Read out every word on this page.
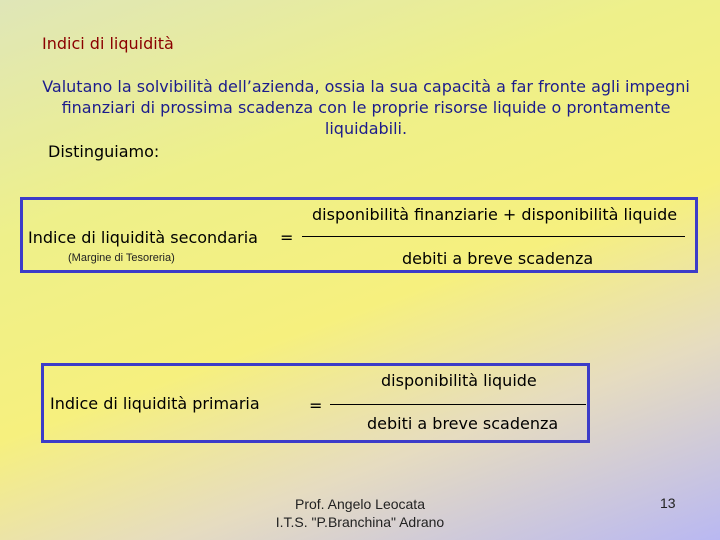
Indici di liquidità
Valutano la solvibilità dell’azienda, ossia la sua capacità a far fronte agli impegni finanziari di prossima scadenza con le proprie risorse liquide o prontamente liquidabili.
Distinguiamo:
disponibilità finanziarie + disponibilità liquide
Indice di liquidità secondaria =
(Margine di Tesoreria)	debiti a breve scadenza
disponibilità liquide
Indice di liquidità primaria	=
debiti a breve scadenza
Prof. Angelo Leocata
I.T.S. "P.Branchina" Adrano
13
